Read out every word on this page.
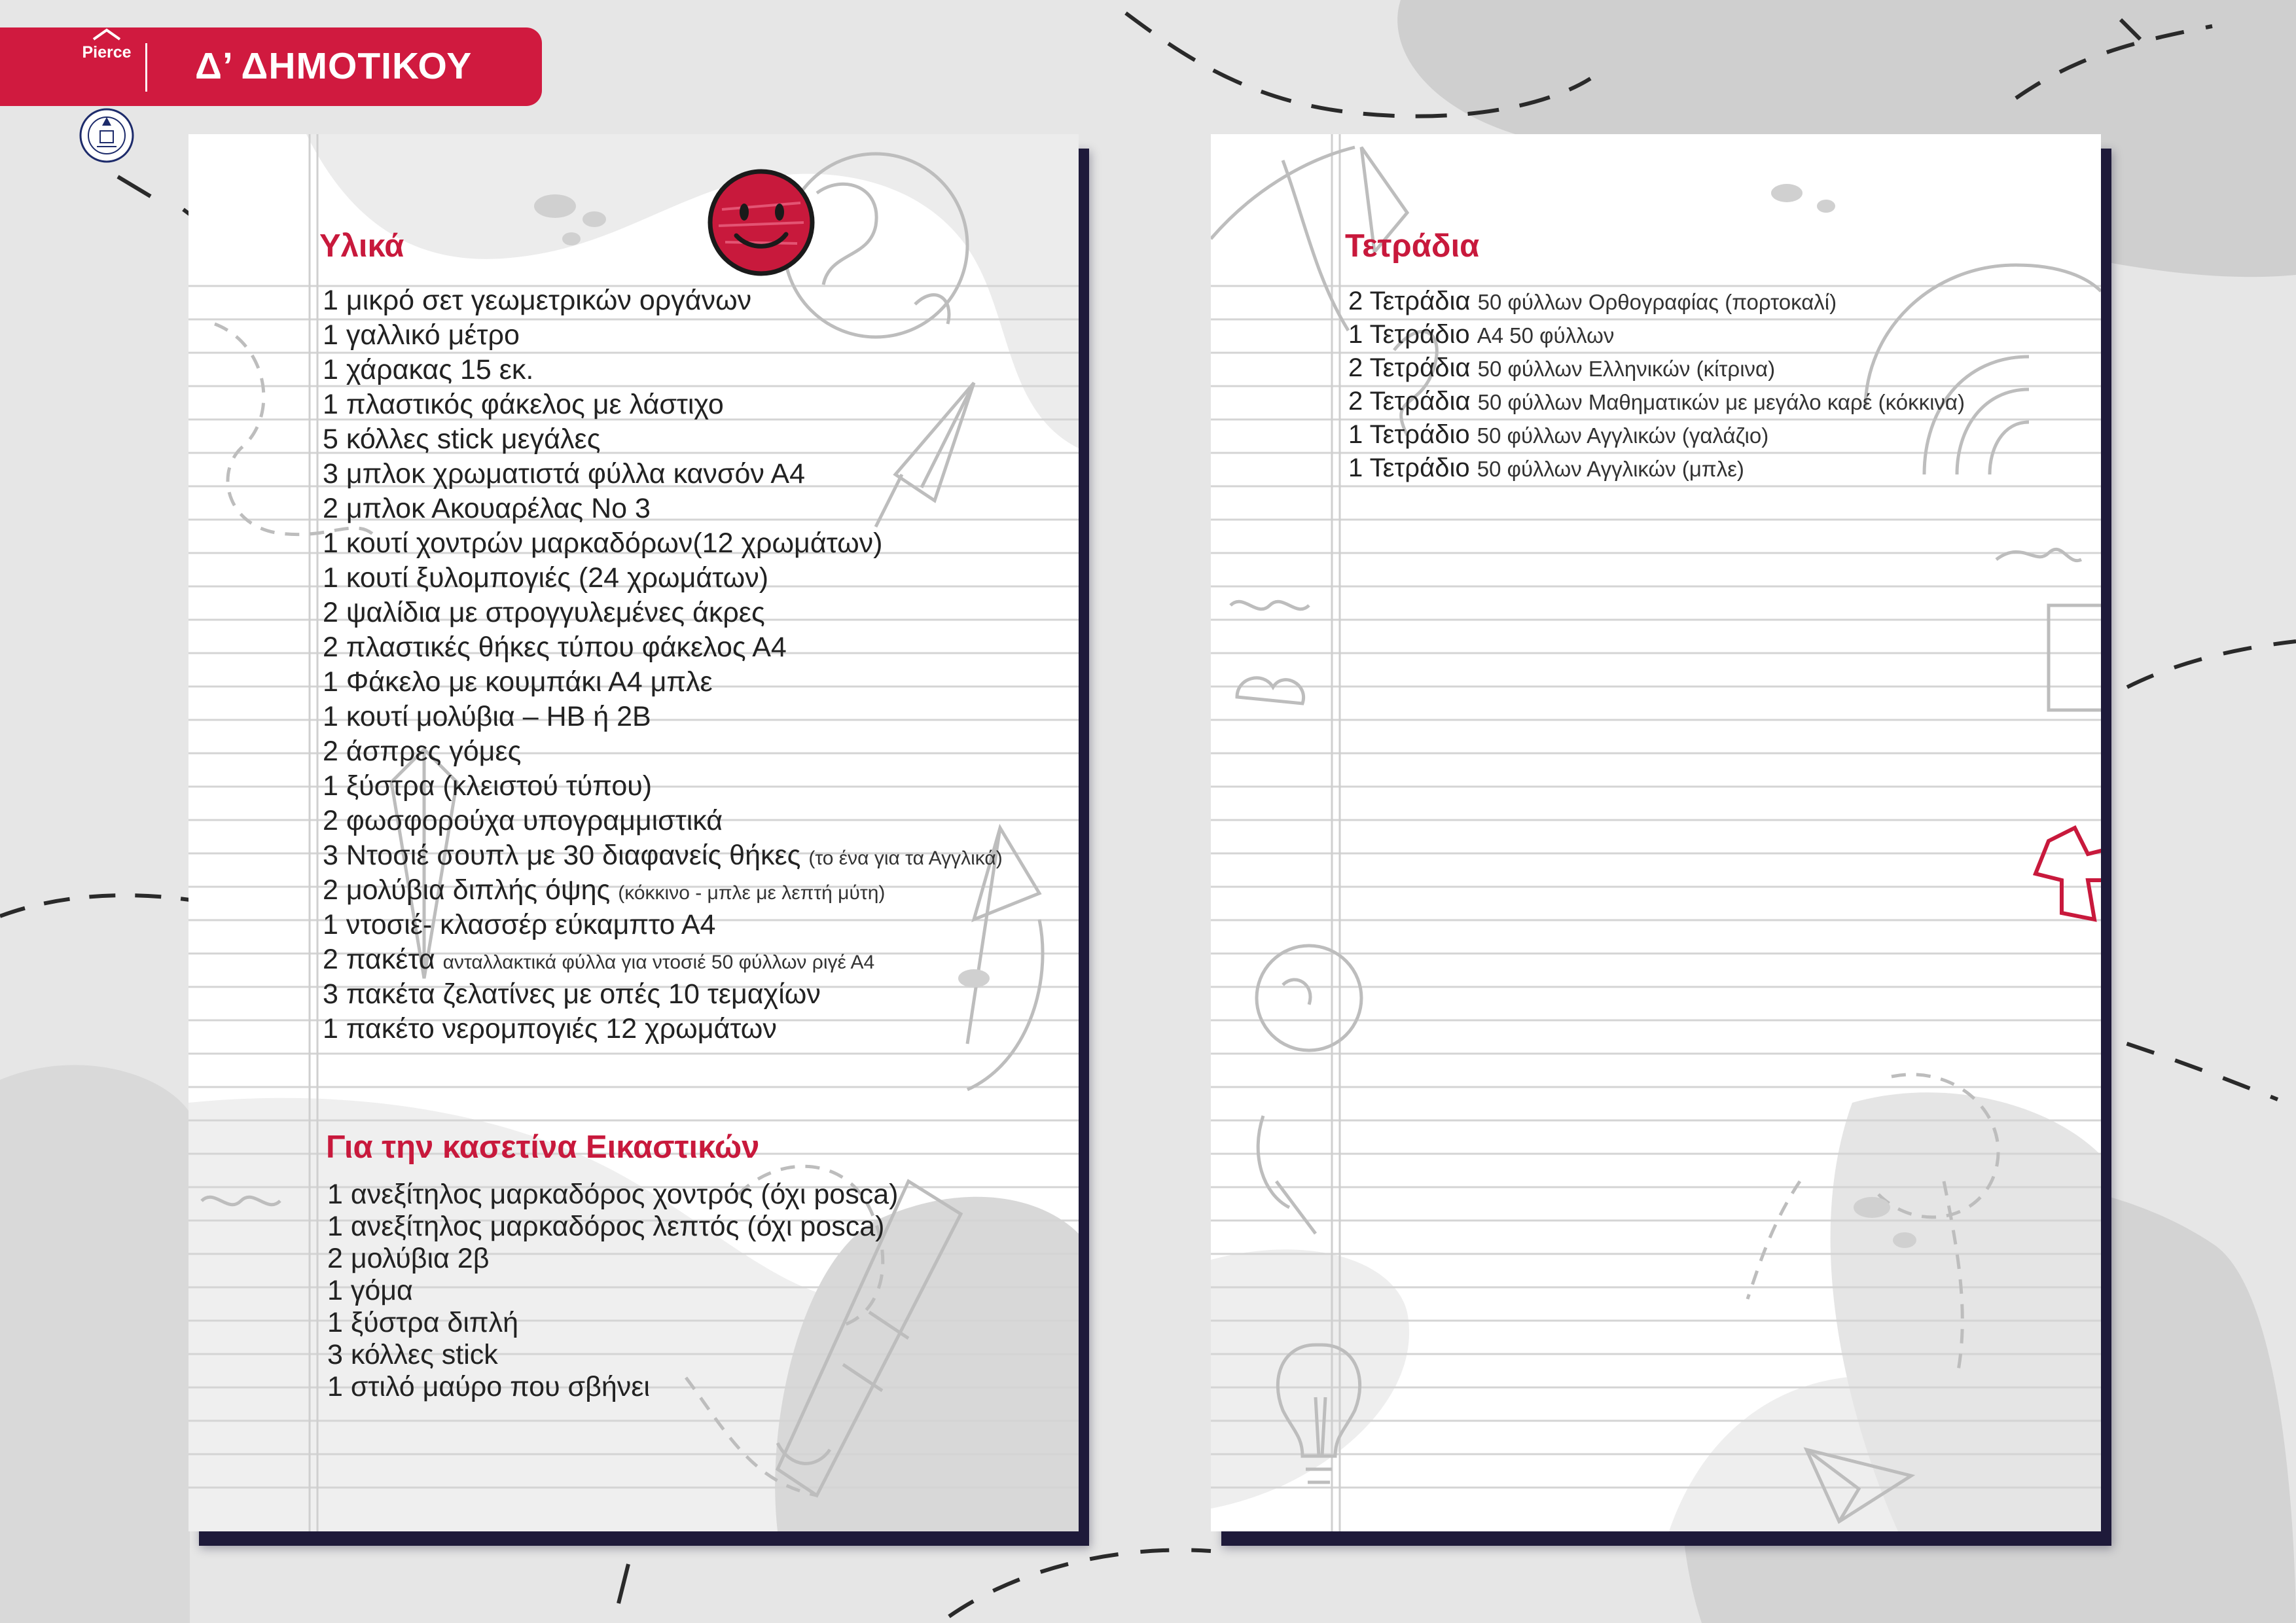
Pierce Δ’ ΔΗΜΟΤΙΚΟΥ
Υλικά
1 μικρό σετ γεωμετρικών οργάνων
1 γαλλικό μέτρο
1 χάρακας 15 εκ.
1 πλαστικός φάκελος με λάστιχο
5 κόλλες stick μεγάλες
3 μπλοκ χρωματιστά φύλλα κανσόν Α4
2 μπλοκ Ακουαρέλας Νο 3
1 κουτί χοντρών μαρκαδόρων(12 χρωμάτων)
1 κουτί ξυλομπογιές (24 χρωμάτων)
2 ψαλίδια με στρογγυλεμένες άκρες
2 πλαστικές θήκες τύπου φάκελος Α4
1 Φάκελο με κουμπάκι Α4 μπλε
1 κουτί μολύβια – ΗΒ ή 2Β
2 άσπρες γόμες
1 ξύστρα (κλειστού τύπου)
2 φωσφορούχα υπογραμμιστικά
3 Ντοσιέ σουπλ με 30 διαφανείς θήκες (το ένα για τα Αγγλικά)
2 μολύβια διπλής όψης (κόκκινο - μπλε με λεπτή μύτη)
1 ντοσιέ- κλασσέρ εύκαμπτο Α4
2 πακέτα ανταλλακτικά φύλλα για ντοσιέ 50 φύλλων ριγέ Α4
3 πακέτα ζελατίνες με οπές 10 τεμαχίων
1 πακέτο νερομπογιές 12 χρωμάτων
Για την κασετίνα Εικαστικών
1 ανεξίτηλος μαρκαδόρος χοντρός (όχι posca)
1 ανεξίτηλος μαρκαδόρος λεπτός (όχι posca)
2 μολύβια 2β
1 γόμα
1 ξύστρα διπλή
3 κόλλες stick
1 στιλό μαύρο που σβήνει
Τετράδια
2 Τετράδια 50 φύλλων Ορθογραφίας (πορτοκαλί)
1 Τετράδιο Α4 50 φύλλων
2 Τετράδια 50 φύλλων Ελληνικών (κίτρινα)
2 Τετράδια 50 φύλλων Μαθηματικών με μεγάλο καρέ (κόκκινα)
1 Τετράδιο 50 φύλλων Αγγλικών (γαλάζιο)
1 Τετράδιο 50 φύλλων Αγγλικών (μπλε)
